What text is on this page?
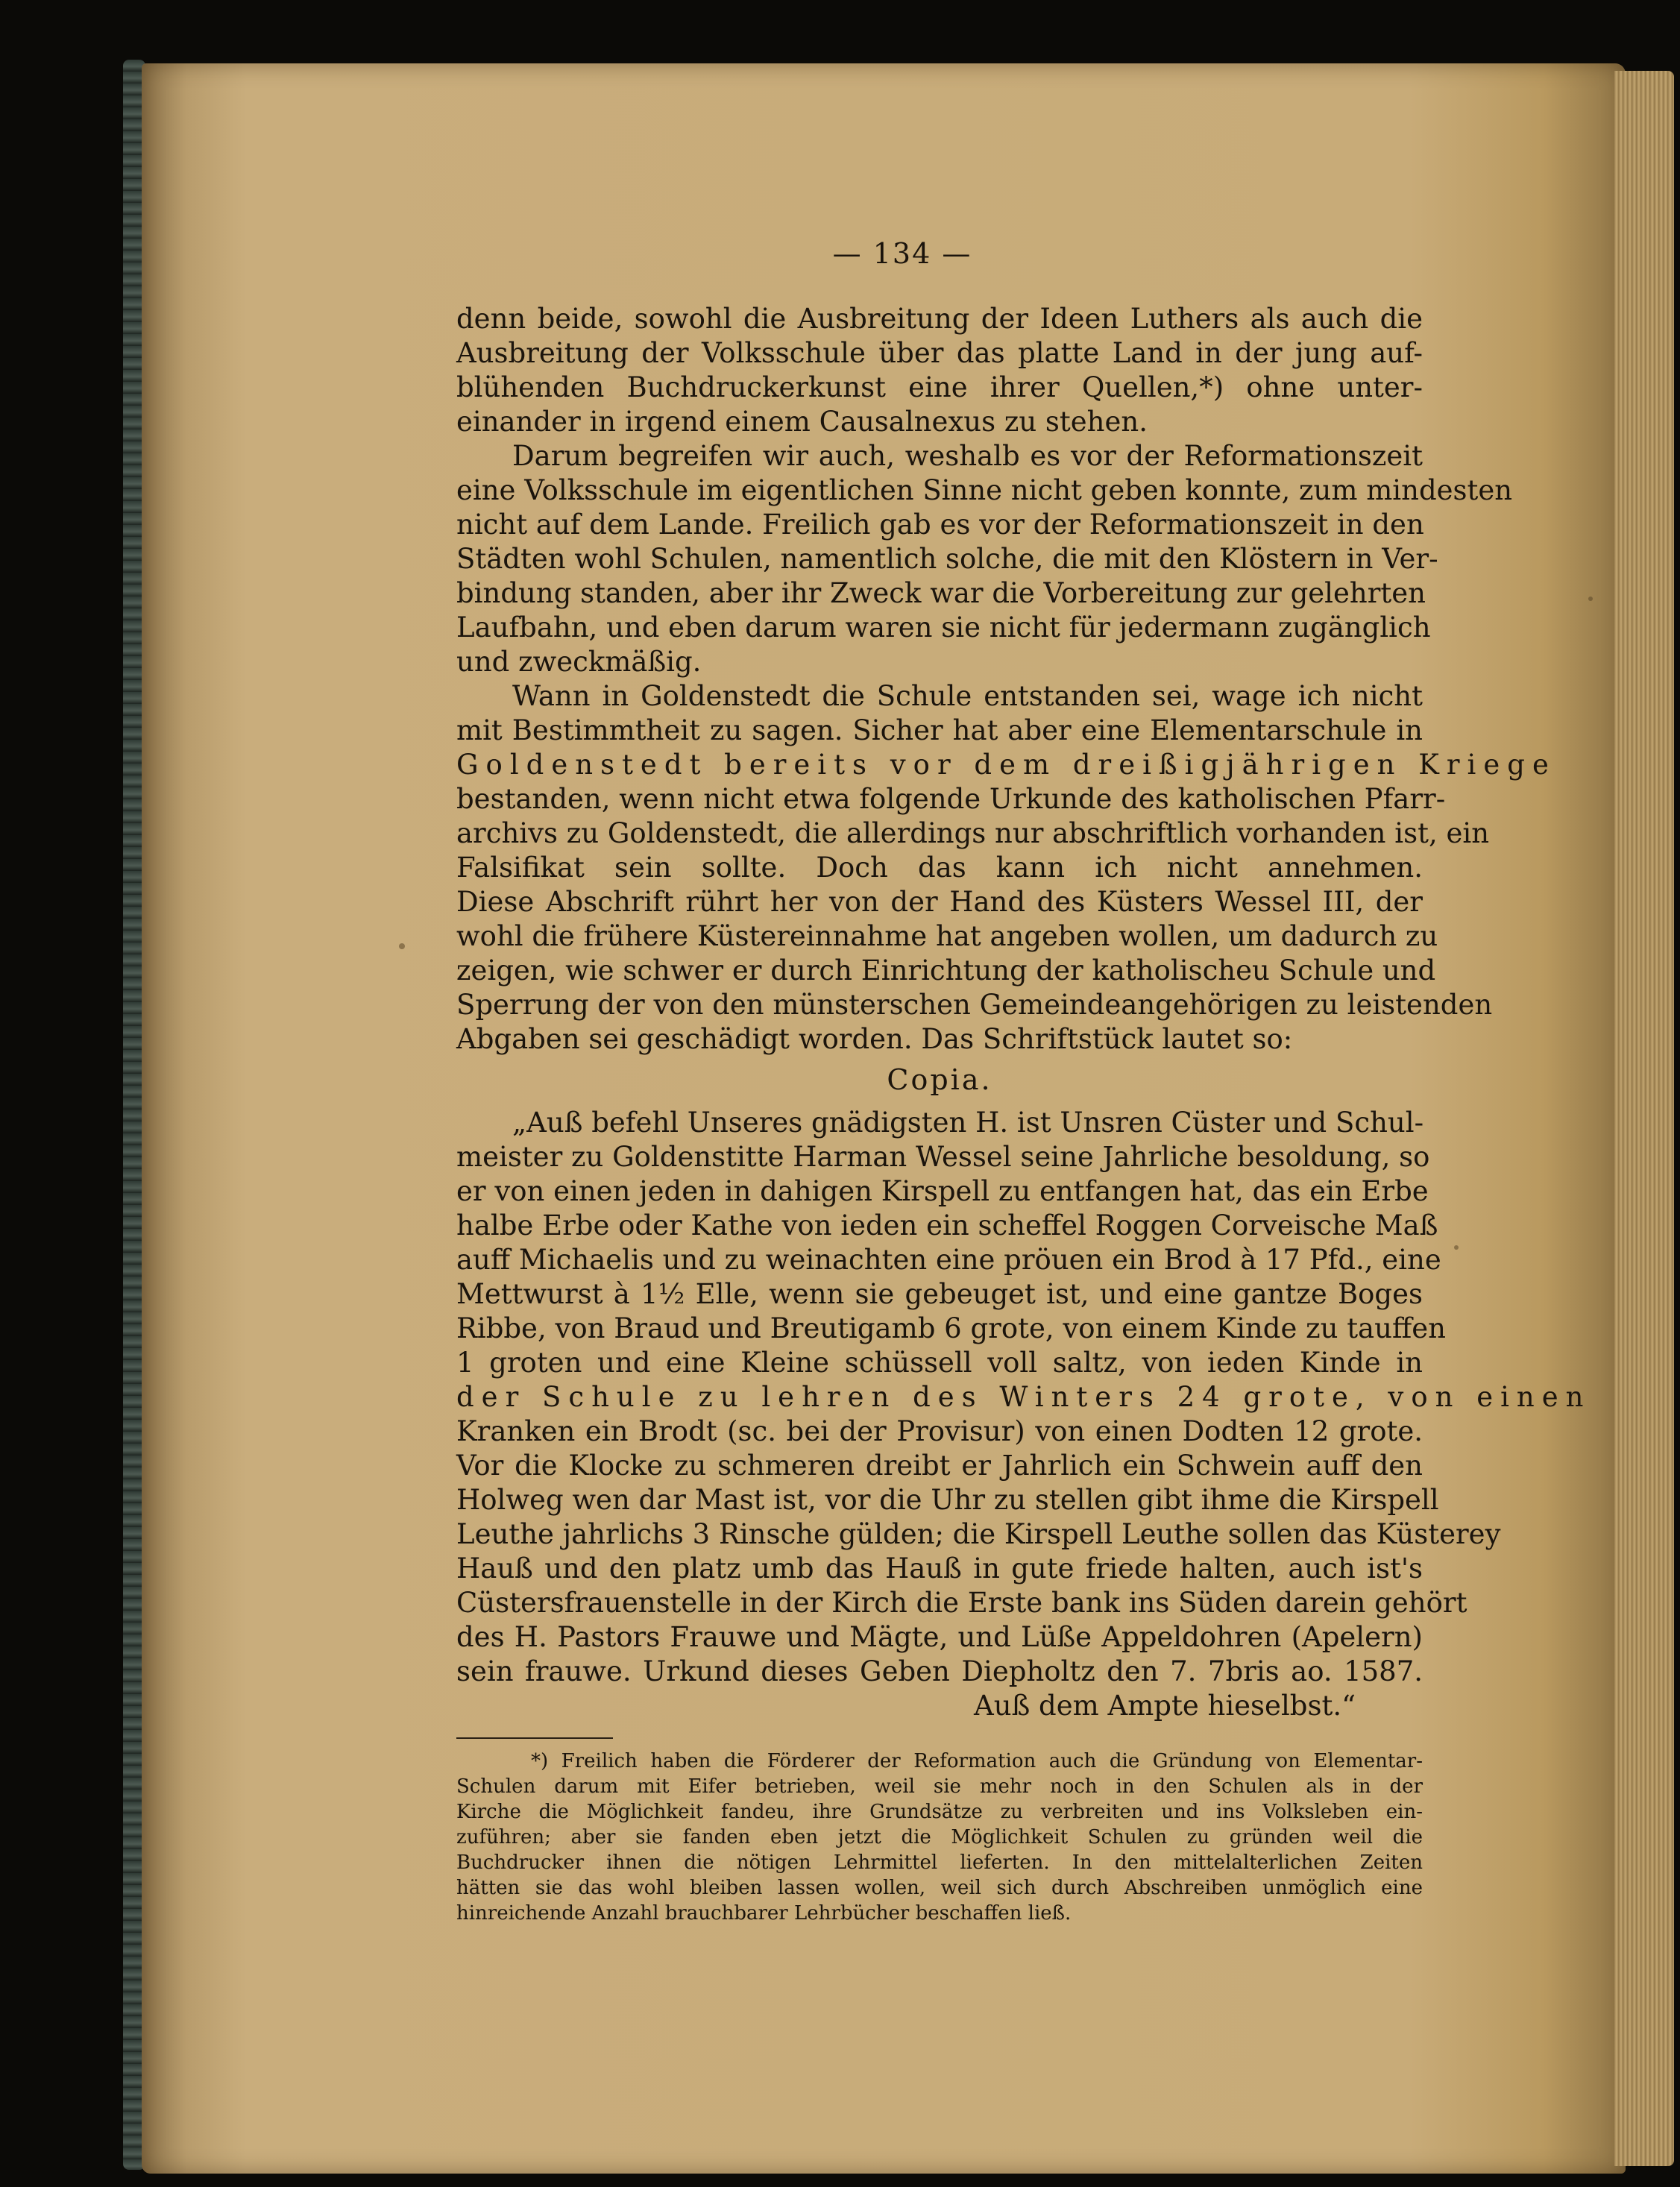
— 134 —
denn beide, sowohl die Ausbreitung der Ideen Luthers als auch die
Ausbreitung der Volksschule über das platte Land in der jung auf-
blühenden Buchdruckerkunst eine ihrer Quellen,*) ohne unter-
einander in irgend einem Causalnexus zu stehen.
Darum begreifen wir auch, weshalb es vor der Reformationszeit
eine Volksschule im eigentlichen Sinne nicht geben konnte, zum mindesten
nicht auf dem Lande. Freilich gab es vor der Reformationszeit in den
Städten wohl Schulen, namentlich solche, die mit den Klöstern in Ver-
bindung standen, aber ihr Zweck war die Vorbereitung zur gelehrten
Laufbahn, und eben darum waren sie nicht für jedermann zugänglich
und zweckmäßig.
Wann in Goldenstedt die Schule entstanden sei, wage ich nicht
mit Bestimmtheit zu sagen. Sicher hat aber eine Elementarschule in
Goldenstedt bereits vor dem dreißigjährigen Kriege
bestanden, wenn nicht etwa folgende Urkunde des katholischen Pfarr-
archivs zu Goldenstedt, die allerdings nur abschriftlich vorhanden ist, ein
Falsifikat sein sollte. Doch das kann ich nicht annehmen.
Diese Abschrift rührt her von der Hand des Küsters Wessel III, der
wohl die frühere Küstereinnahme hat angeben wollen, um dadurch zu
zeigen, wie schwer er durch Einrichtung der katholischeu Schule und
Sperrung der von den münsterschen Gemeindeangehörigen zu leistenden
Abgaben sei geschädigt worden. Das Schriftstück lautet so:
Copia.
„Auß befehl Unseres gnädigsten H. ist Unsren Cüster und Schul-
meister zu Goldenstitte Harman Wessel seine Jahrliche besoldung, so
er von einen jeden in dahigen Kirspell zu entfangen hat, das ein Erbe
halbe Erbe oder Kathe von ieden ein scheffel Roggen Corveische Maß
auff Michaelis und zu weinachten eine pröuen ein Brod à 17 Pfd., eine
Mettwurst à 1½ Elle, wenn sie gebeuget ist, und eine gantze Boges
Ribbe, von Braud und Breutigamb 6 grote, von einem Kinde zu tauffen
1 groten und eine Kleine schüssell voll saltz, von ieden Kinde in
der Schule zu lehren des Winters 24 grote, von einen
Kranken ein Brodt (sc. bei der Provisur) von einen Dodten 12 grote.
Vor die Klocke zu schmeren dreibt er Jahrlich ein Schwein auff den
Holweg wen dar Mast ist, vor die Uhr zu stellen gibt ihme die Kirspell
Leuthe jahrlichs 3 Rinsche gülden; die Kirspell Leuthe sollen das Küsterey
Hauß und den platz umb das Hauß in gute friede halten, auch ist's
Cüstersfrauenstelle in der Kirch die Erste bank ins Süden darein gehört
des H. Pastors Frauwe und Mägte, und Lüße Appeldohren (Apelern)
sein frauwe. Urkund dieses Geben Diepholtz den 7. 7bris ao. 1587.
Auß dem Ampte hieselbst.“
*) Freilich haben die Förderer der Reformation auch die Gründung von Elementar-
Schulen darum mit Eifer betrieben, weil sie mehr noch in den Schulen als in der
Kirche die Möglichkeit fandeu, ihre Grundsätze zu verbreiten und ins Volksleben ein-
zuführen; aber sie fanden eben jetzt die Möglichkeit Schulen zu gründen weil die
Buchdrucker ihnen die nötigen Lehrmittel lieferten. In den mittelalterlichen Zeiten
hätten sie das wohl bleiben lassen wollen, weil sich durch Abschreiben unmöglich eine
hinreichende Anzahl brauchbarer Lehrbücher beschaffen ließ.
